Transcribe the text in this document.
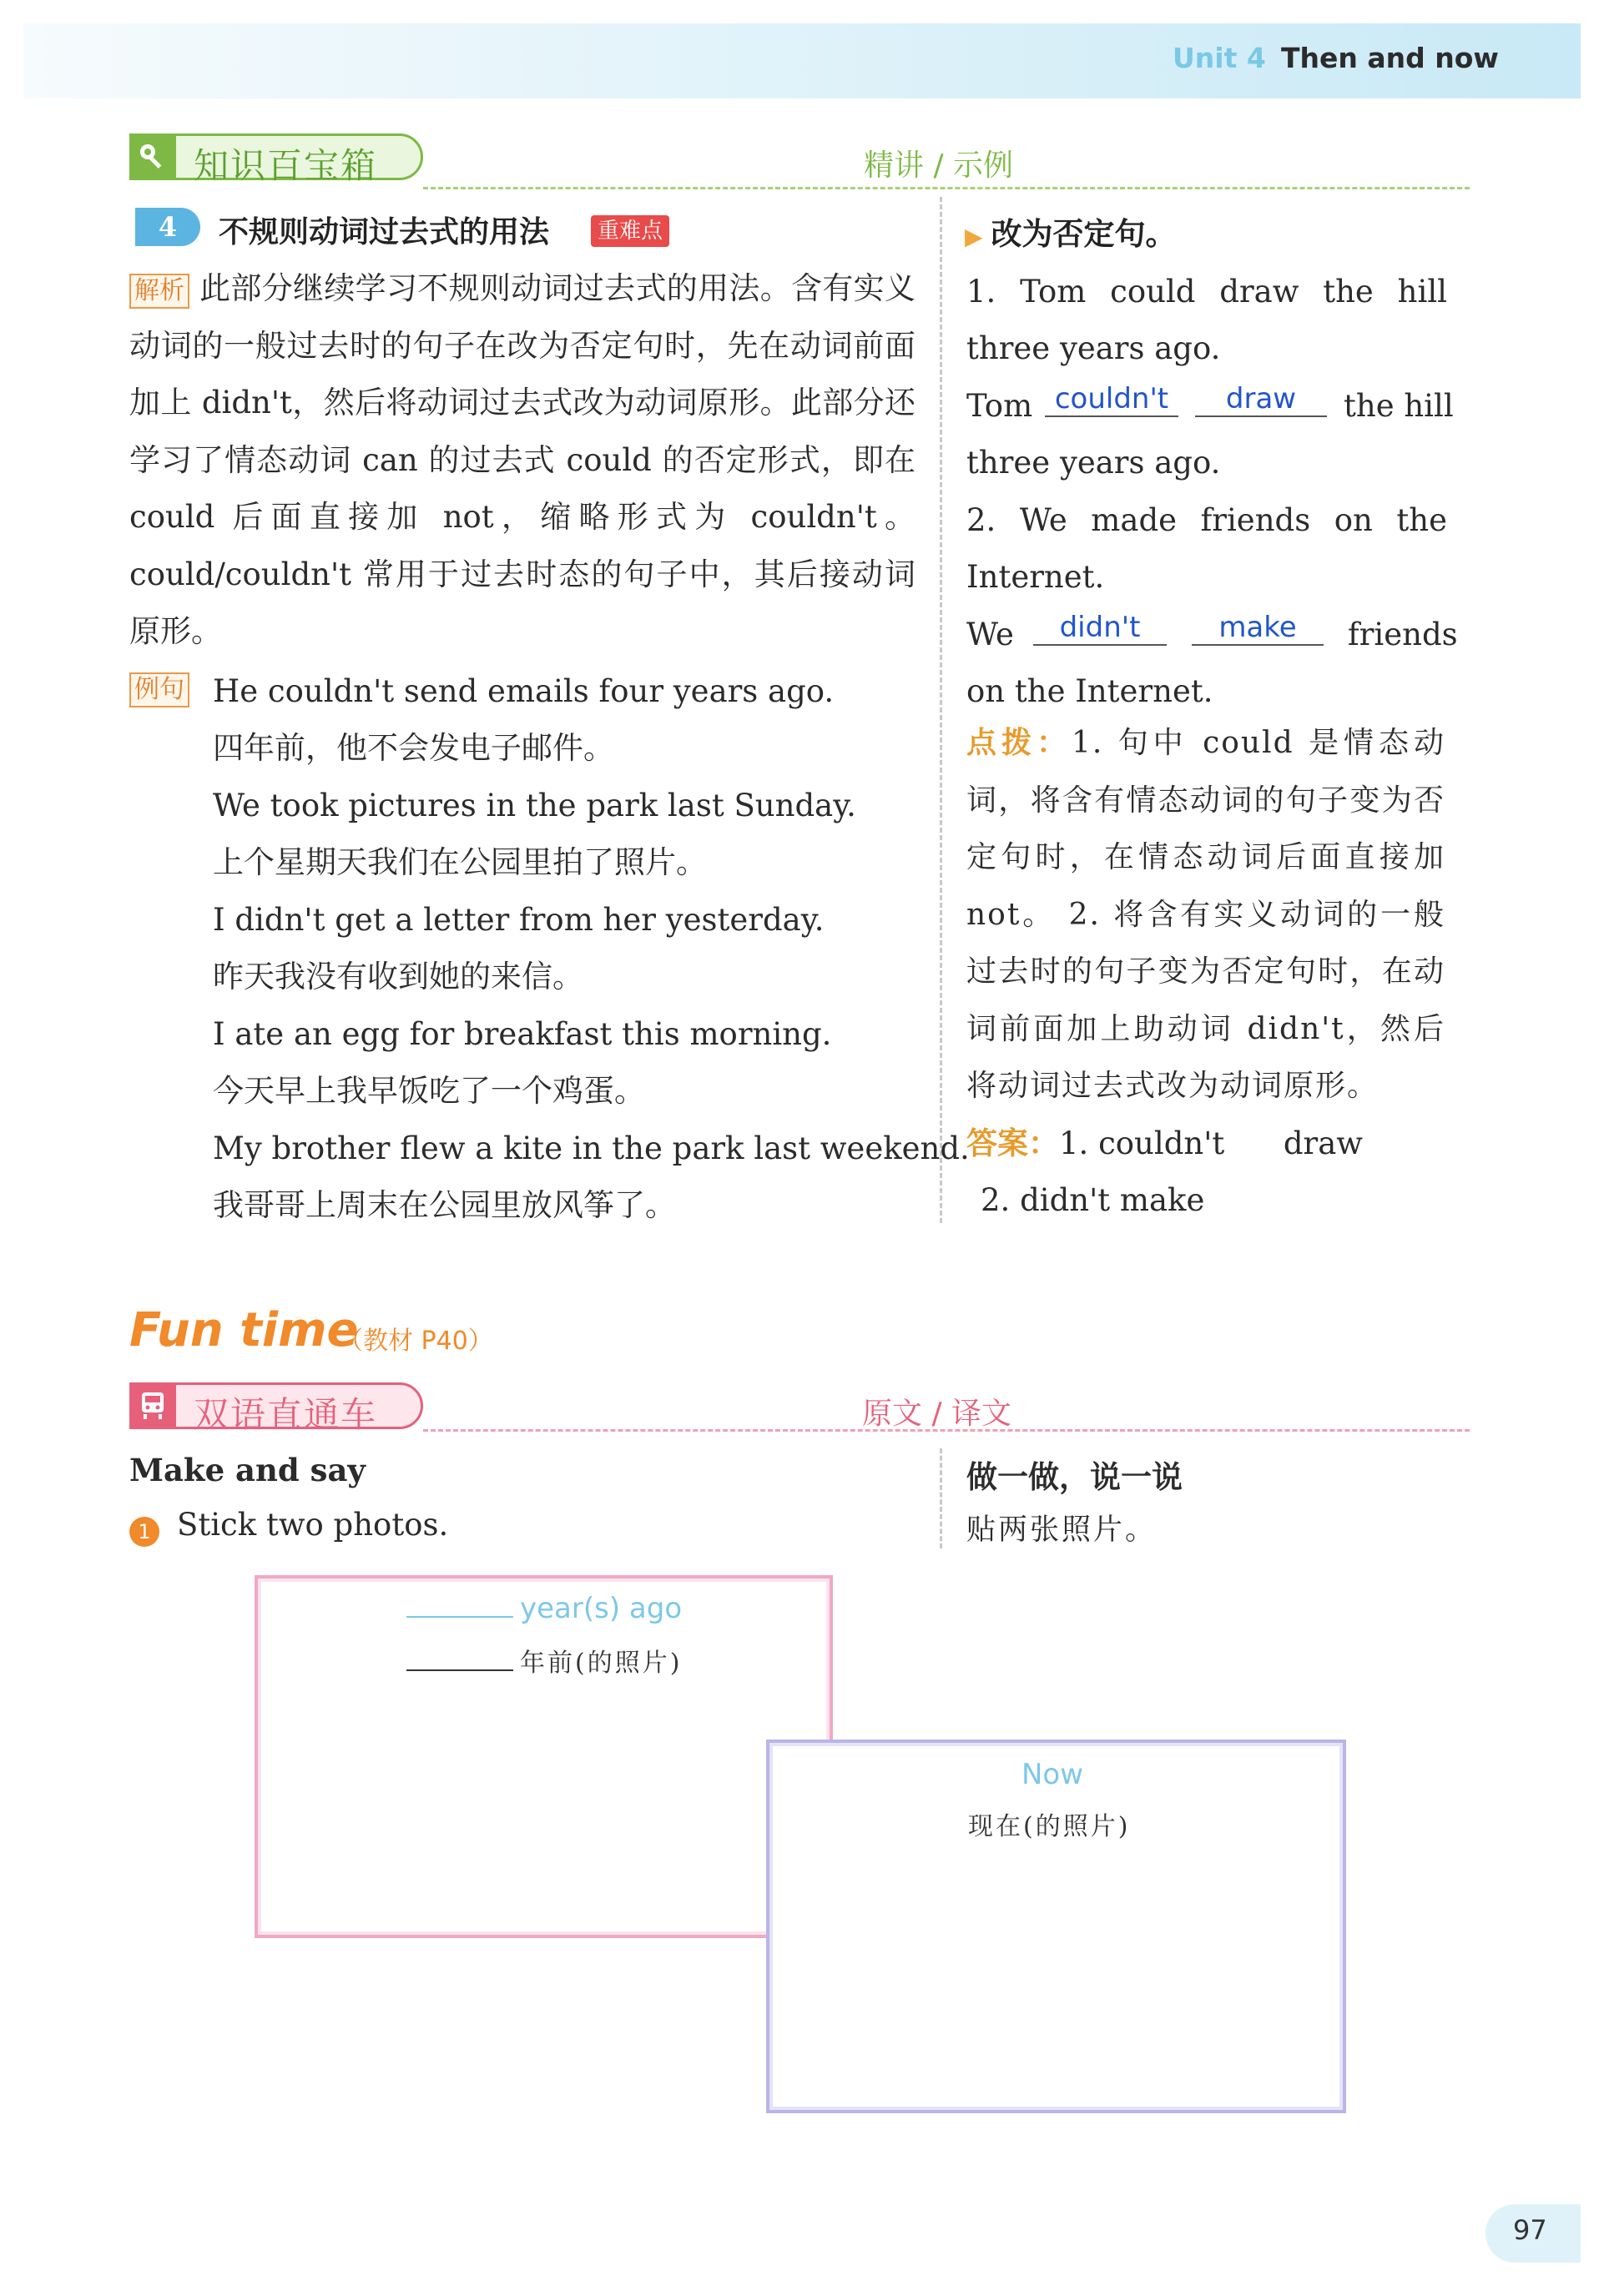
Unit 4 Then and now
知识百宝箱	精讲 / 示例
4	不规则动词过去式的用法	重难点
解析 此部分继续学习不规则动词过去式的用法。含有实义动词的一般过去时的句子在改为否定句时，先在动词前面加上 didn't，然后将动词过去式改为动词原形。此部分还学习了情态动词 can 的过去式 could 的否定形式，即在 could 后面直接加 not，缩略形式为 couldn't。could/couldn't 常用于过去时态的句子中，其后接动词原形。
例句 He couldn't send emails four years ago.
四年前，他不会发电子邮件。
We took pictures in the park last Sunday.
上个星期天我们在公园里拍了照片。
I didn't get a letter from her yesterday.
昨天我没有收到她的来信。
I ate an egg for breakfast this morning.
今天早上我早饭吃了一个鸡蛋。
My brother flew a kite in the park last weekend.
我哥哥上周末在公园里放风筝了。
▶ 改为否定句。
1. Tom could draw the hill
three years ago.
Tom couldn't	draw	the hill
three years ago.
2. We made friends on the
Internet.
We	didn't	make	friends
on the Internet.
点拨：1. 句中 could 是情态动词，将含有情态动词的句子变为否定句时，在情态动词后面直接加 not。 2. 将含有实义动词的一般过去时的句子变为否定句时，在动词前面加上助动词 didn't，然后将动词过去式改为动词原形。
答案：1. couldn't      draw
2. didn't make
Fun time
（教材 P40）
双语直通车	原文 / 译文
Make and say
1 Stick two photos.
做一做，说一说
贴两张照片。
year(s) ago
年前(的照片)
Now
现在(的照片)
97
